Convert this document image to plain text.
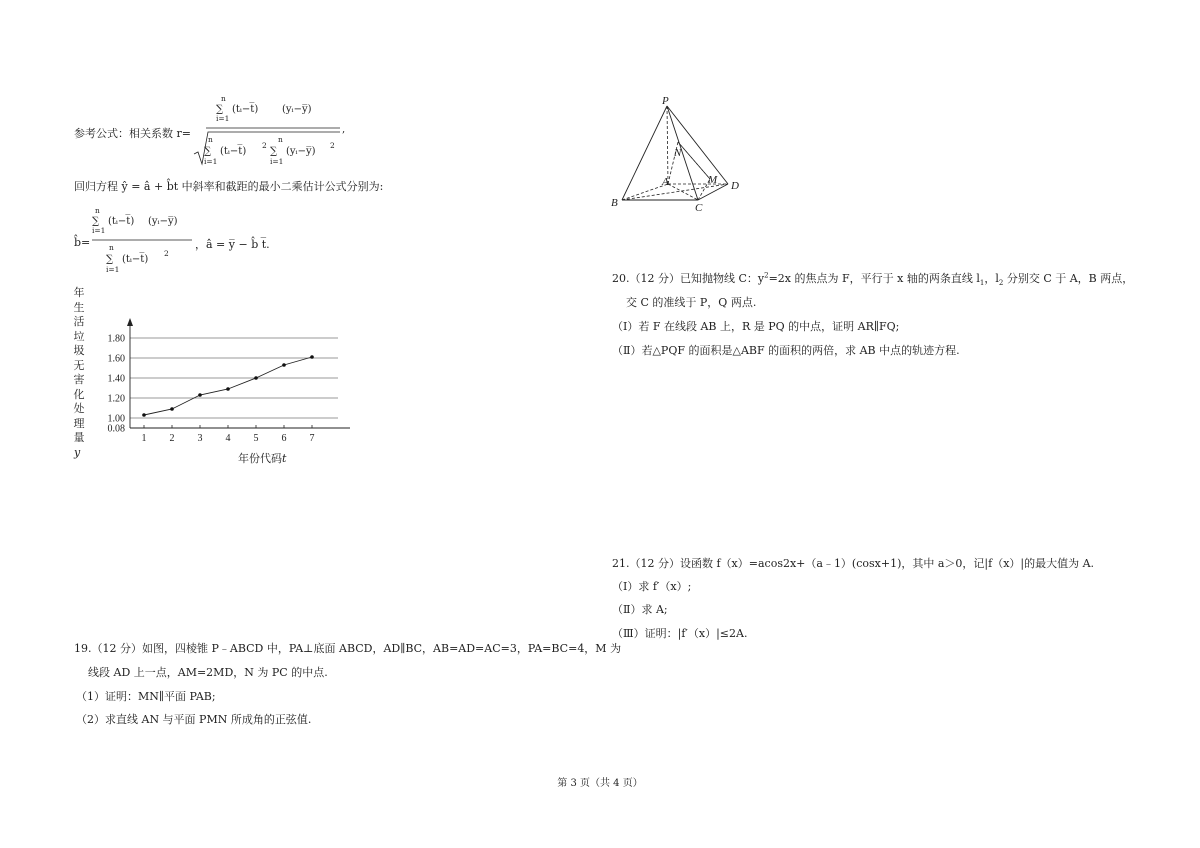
参考公式：相关系数 r=
n
∑
i=1
(tᵢ−t̅) (yᵢ−y̅)
n
∑
i=1
(tᵢ−t̅)
2
n
∑
i=1
(yᵢ−y̅)
2
,
回归方程 ŷ = â + b̂t 中斜率和截距的最小二乘估计公式分别为:
b̂=
n
∑
i=1
(tᵢ−t̅) (yᵢ−y̅)
n
∑
i=1
(tᵢ−t̅)
2
，â = y̅ − b̂ t̅.
年
生
活
垃
圾
无
害
化
处
理
量
y
0.08
1.00
1.20
1.40
1.60
1.80
1 2 3 4 5 6 7
年份代码t
19.（12 分）如图，四棱锥 P﹣ABCD 中，PA⊥底面 ABCD，AD∥BC，AB=AD=AC=3，PA=BC=4，M 为
线段 AD 上一点，AM=2MD，N 为 PC 的中点.
（1）证明：MN∥平面 PAB;
（2）求直线 AN 与平面 PMN 所成角的正弦值.
P
N
A	M D
B	C
20.（12 分）已知抛物线 C：$y^2=2x$ 的焦点为 F，平行于 x 轴的两条直线 $l_1$，$l_2$ 分别交 C 于 A，B 两点，
交 C 的准线于 P，Q 两点.
（Ⅰ）若 F 在线段 AB 上，R 是 PQ 的中点，证明 AR∥FQ;
（Ⅱ）若△PQF 的面积是△ABF 的面积的两倍，求 AB 中点的轨迹方程.
21.（12 分）设函数 f（x）=acos2x+（a﹣1）(cosx+1)，其中 a＞0，记|f（x）|的最大值为 A.
（Ⅰ）求 f′（x）;
（Ⅱ）求 A;
（Ⅲ）证明：|f′（x）|≤2A.
第 3 页（共 4 页）
